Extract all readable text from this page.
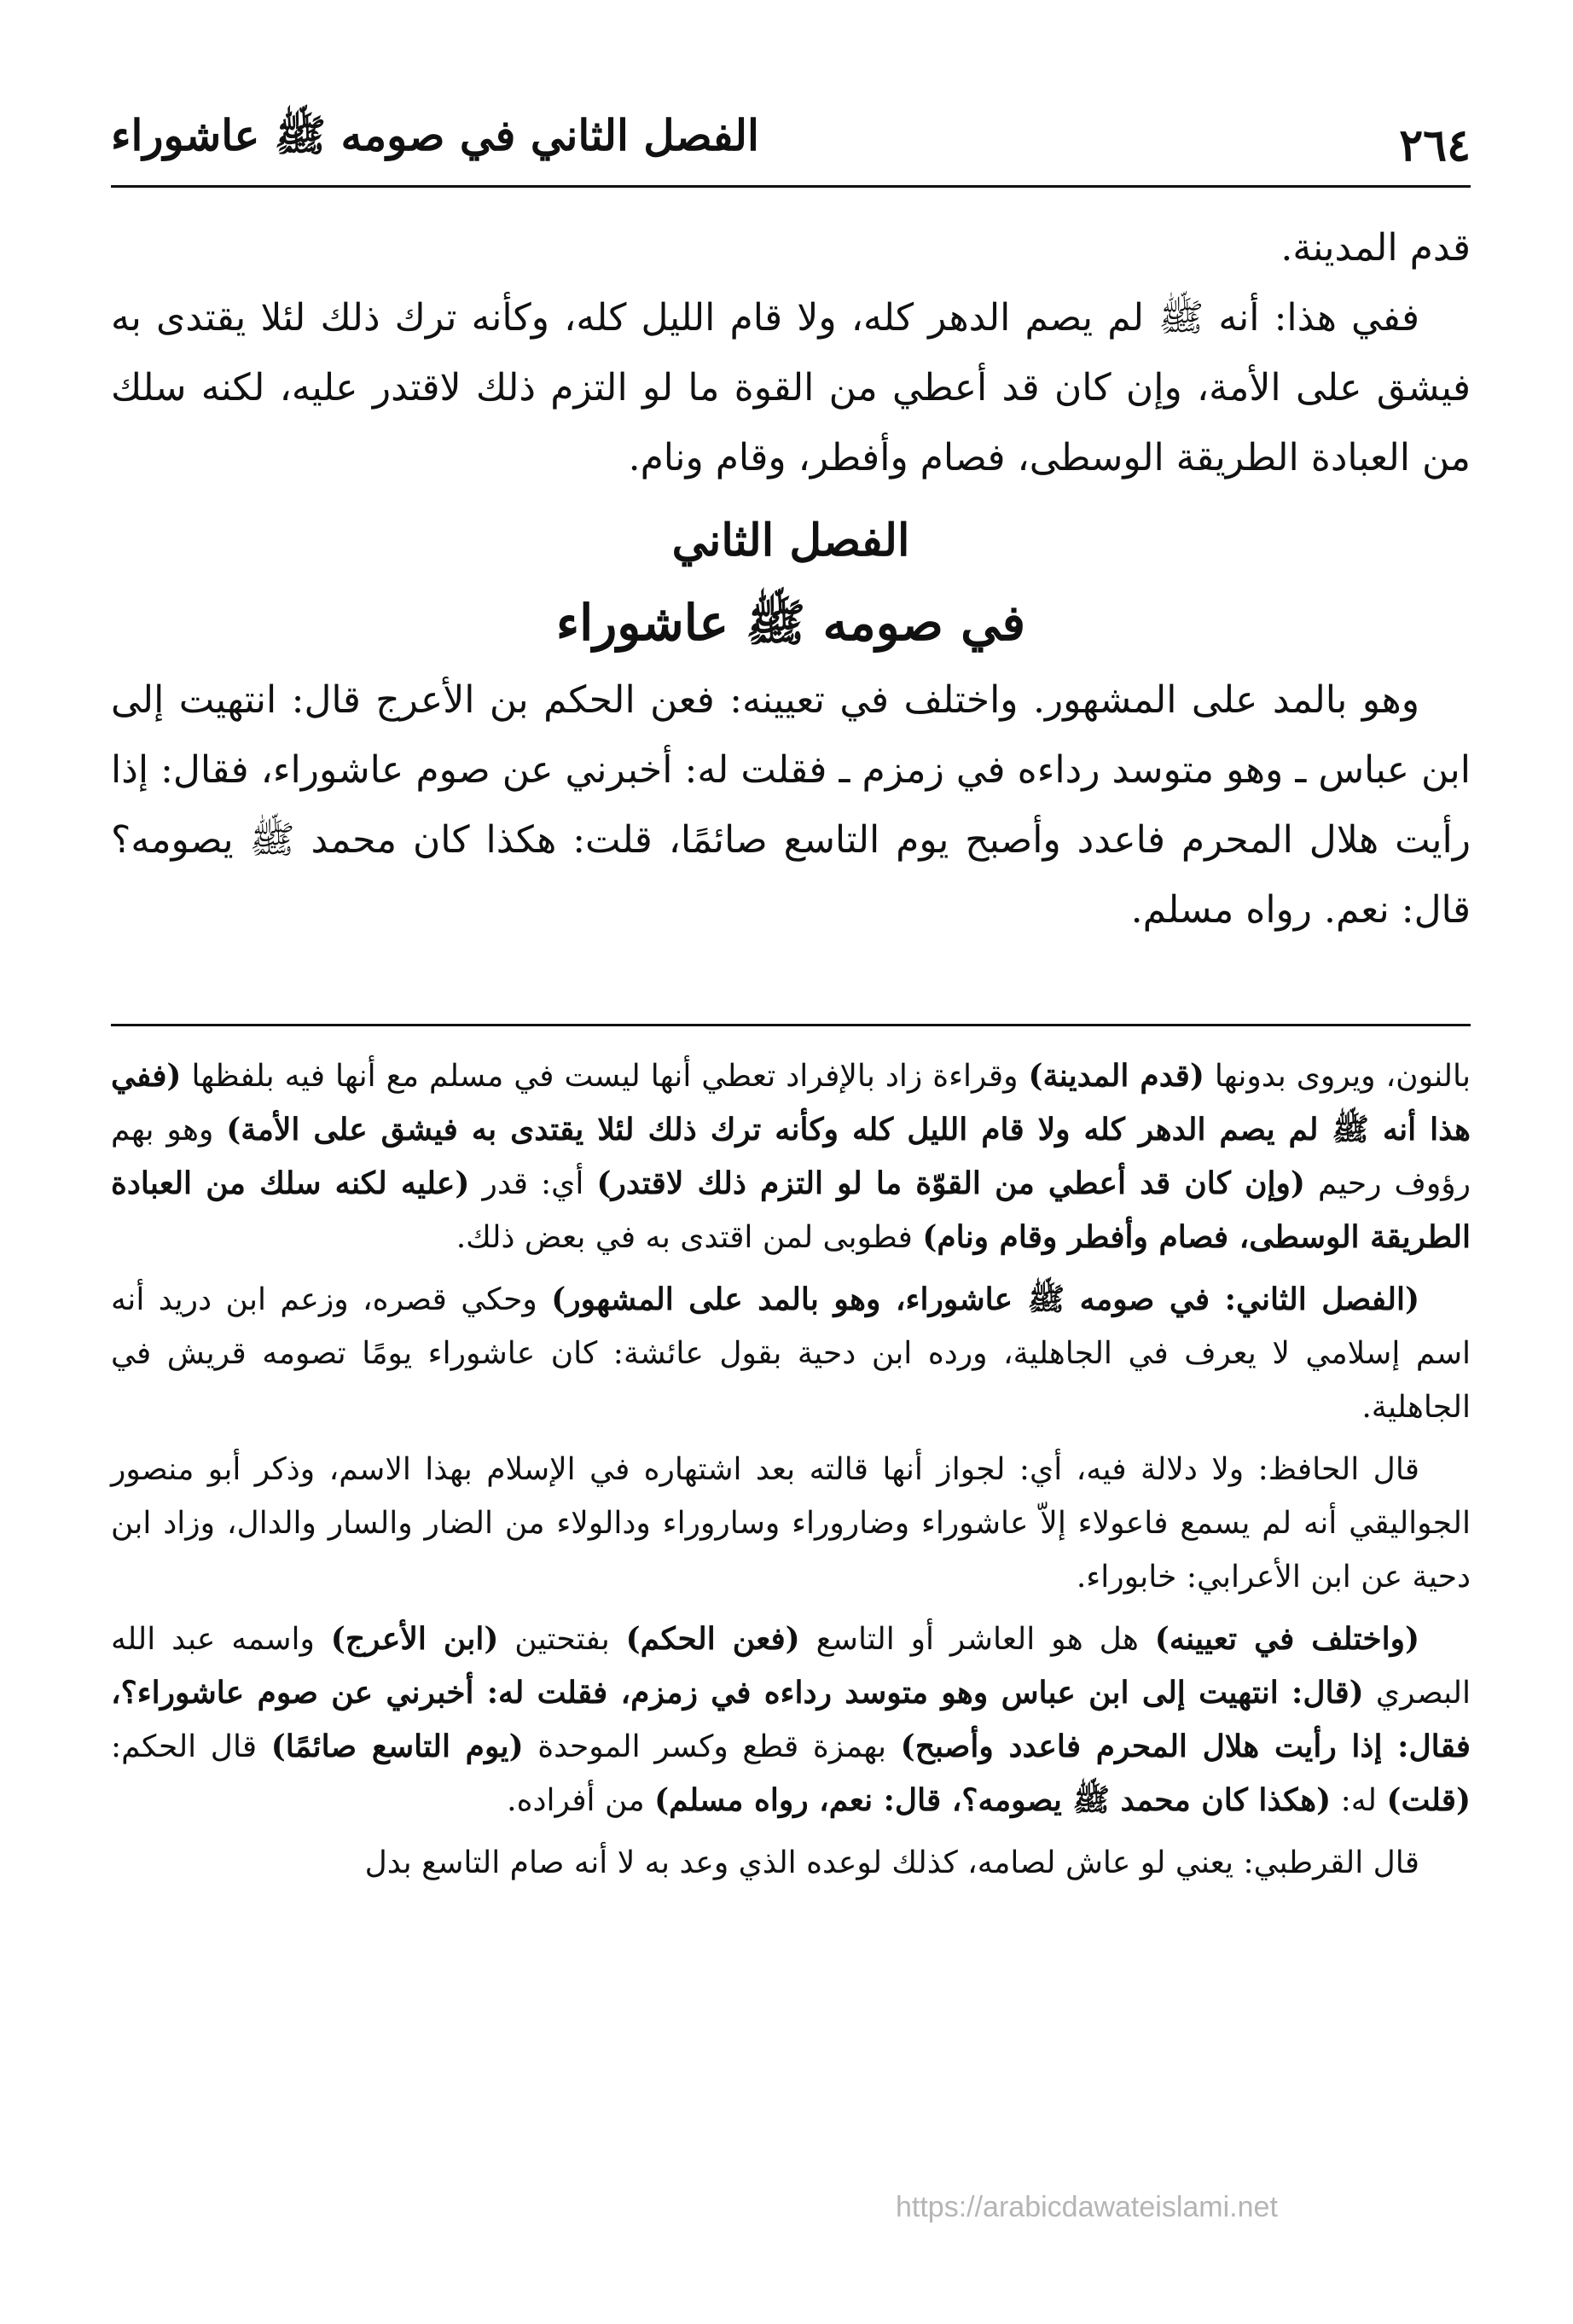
٢٦٤
الفصل الثاني في صومه ﷺ عاشوراء

قدم المدينة.

ففي هذا: أنه ﷺ لم يصم الدهر كله، ولا قام الليل كله، وكأنه ترك ذلك لئلا يقتدى به فيشق على الأمة، وإن كان قد أعطي من القوة ما لو التزم ذلك لاقتدر عليه، لكنه سلك من العبادة الطريقة الوسطى، فصام وأفطر، وقام ونام.

الفصل الثاني
في صومه ﷺ عاشوراء

وهو بالمد على المشهور. واختلف في تعيينه: فعن الحكم بن الأعرج قال: انتهيت إلى ابن عباس ـ وهو متوسد رداءه في زمزم ـ فقلت له: أخبرني عن صوم عاشوراء، فقال: إذا رأيت هلال المحرم فاعدد وأصبح يوم التاسع صائمًا، قلت: هكذا كان محمد ﷺ يصومه؟ قال: نعم. رواه مسلم.

بالنون، ويروى بدونها (قدم المدينة) وقراءة زاد بالإفراد تعطي أنها ليست في مسلم مع أنها فيه بلفظها (ففي هذا أنه ﷺ لم يصم الدهر كله ولا قام الليل كله وكأنه ترك ذلك لئلا يقتدى به فيشق على الأمة) وهو بهم رؤوف رحيم (وإن كان قد أعطي من القوّة ما لو التزم ذلك لاقتدر) أي: قدر (عليه لكنه سلك من العبادة الطريقة الوسطى، فصام وأفطر وقام ونام) فطوبى لمن اقتدى به في بعض ذلك.

(الفصل الثاني: في صومه ﷺ عاشوراء، وهو بالمد على المشهور) وحكي قصره، وزعم ابن دريد أنه اسم إسلامي لا يعرف في الجاهلية، ورده ابن دحية بقول عائشة: كان عاشوراء يومًا تصومه قريش في الجاهلية.

قال الحافظ: ولا دلالة فيه، أي: لجواز أنها قالته بعد اشتهاره في الإسلام بهذا الاسم، وذكر أبو منصور الجواليقي أنه لم يسمع فاعولاء إلاّ عاشوراء وضاروراء وساروراء ودالولاء من الضار والسار والدال، وزاد ابن دحية عن ابن الأعرابي: خابوراء.

(واختلف في تعيينه) هل هو العاشر أو التاسع (فعن الحكم) بفتحتين (ابن الأعرج) واسمه عبد الله البصري (قال: انتهيت إلى ابن عباس وهو متوسد رداءه في زمزم، فقلت له: أخبرني عن صوم عاشوراء؟، فقال: إذا رأيت هلال المحرم فاعدد وأصبح) بهمزة قطع وكسر الموحدة (يوم التاسع صائمًا) قال الحكم: (قلت) له: (هكذا كان محمد ﷺ يصومه؟، قال: نعم، رواه مسلم) من أفراده.

قال القرطبي: يعني لو عاش لصامه، كذلك لوعده الذي وعد به لا أنه صام التاسع بدل

https://arabicdawateislami.net
